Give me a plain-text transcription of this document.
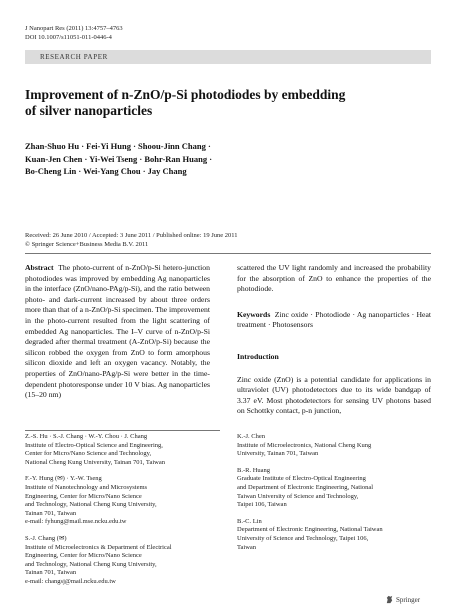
J Nanopart Res (2011) 13:4757–4763
DOI 10.1007/s11051-011-0446-4
RESEARCH PAPER
Improvement of n-ZnO/p-Si photodiodes by embedding
of silver nanoparticles
Zhan-Shuo Hu · Fei-Yi Hung · Shoou-Jinn Chang ·
Kuan-Jen Chen · Yi-Wei Tseng · Bohr-Ran Huang ·
Bo-Cheng Lin · Wei-Yang Chou · Jay Chang
Received: 26 June 2010 / Accepted: 3 June 2011 / Published online: 19 June 2011
© Springer Science+Business Media B.V. 2011

Abstract The photo-current of n-ZnO/p-Si hetero-junction photodiodes was improved by embedding Ag nanoparticles in the interface (ZnO/nano-PAg/p-Si), and the ratio between photo- and dark-current increased by about three orders more than that of a n-ZnO/p-Si specimen. The improvement in the photo-current resulted from the light scattering of embedded Ag nanoparticles. The I–V curve of n-ZnO/p-Si degraded after thermal treatment (A-ZnO/p-Si) because the silicon robbed the oxygen from ZnO to form amorphous silicon dioxide and left an oxygen vacancy. Notably, the properties of ZnO/nano-PAg/p-Si were better in the time-dependent photoresponse under 10 V bias. Ag nanoparticles (15–20 nm)

scattered the UV light randomly and increased the probability for the absorption of ZnO to enhance the properties of the photodiode.

Keywords Zinc oxide · Photodiode · Ag nanoparticles · Heat treatment · Photosensors

Introduction

Zinc oxide (ZnO) is a potential candidate for applications in ultraviolet (UV) photodetectors due to its wide bandgap of 3.37 eV. Most photodetectors for sensing UV photons based on Schottky contact, p-n junction,

Z.-S. Hu · S.-J. Chang · W.-Y. Chou · J. Chang
Institute of Electro-Optical Science and Engineering,
Center for Micro/Nano Science and Technology,
National Cheng Kung University, Tainan 701, Taiwan

F.-Y. Hung (✉) · Y.-W. Tseng
Institute of Nanotechnology and Microsystems
Engineering, Center for Micro/Nano Science
and Technology, National Cheng Kung University,
Tainan 701, Taiwan
e-mail: fyhung@mail.mse.ncku.edu.tw

S.-J. Chang (✉)
Institute of Microelectronics & Department of Electrical
Engineering, Center for Micro/Nano Science
and Technology, National Cheng Kung University,
Tainan 701, Taiwan
e-mail: changsj@mail.ncku.edu.tw

K.-J. Chen
Institute of Microelectronics, National Cheng Kung
University, Tainan 701, Taiwan

B.-R. Huang
Graduate Institute of Electro-Optical Engineering
and Department of Electronic Engineering, National
Taiwan University of Science and Technology,
Taipei 106, Taiwan

B.-C. Lin
Department of Electronic Engineering, National Taiwan
University of Science and Technology, Taipei 106,
Taiwan

Springer
